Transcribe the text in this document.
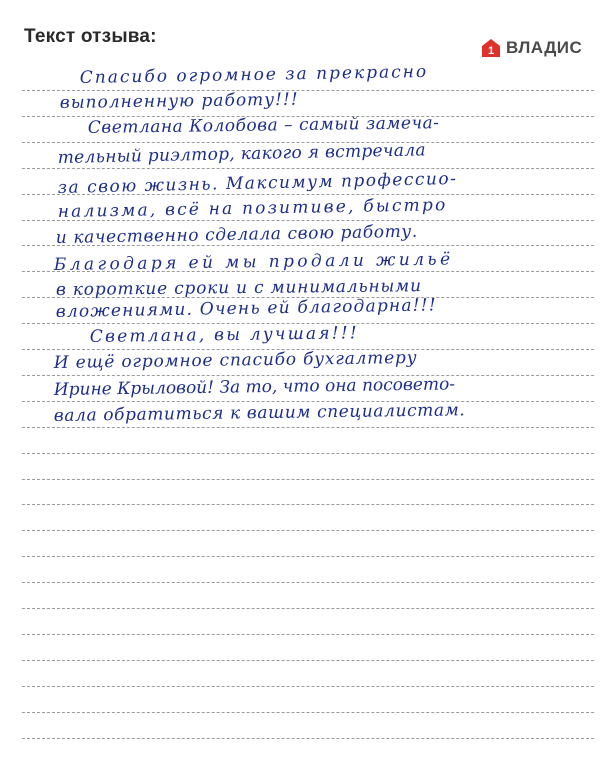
Текст отзыва:
1 ВЛАДИС
Спасибо огромное за прекрасно
выполненную работу!!!
Светлана Колобова – самый замеча-
тельный риэлтор, какого я встречала
за свою жизнь. Максимум профессио-
нализма, всё на позитиве, быстро
и качественно сделала свою работу.
Благодаря ей мы продали жильё
в короткие сроки и с минимальными
вложениями. Очень ей благодарна!!!
Светлана, вы лучшая!!!
И ещё огромное спасибо бухгалтеру
Ирине Крыловой! За то, что она посовето-
вала обратиться к вашим специалистам.
